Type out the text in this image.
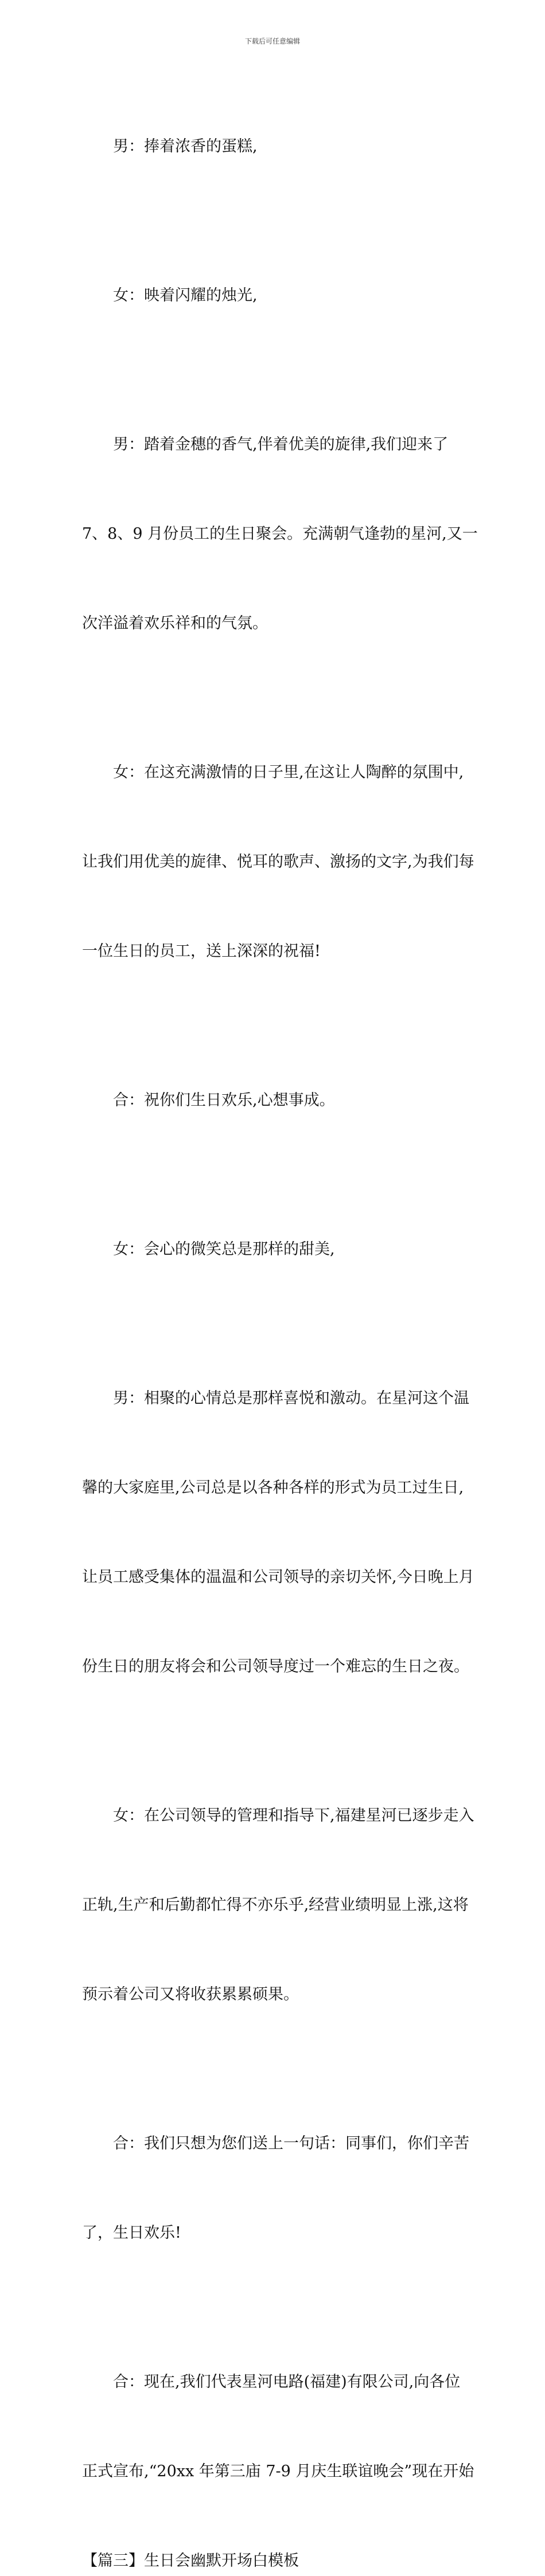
下载后可任意编辑

男：捧着浓香的蛋糕,

女：映着闪耀的烛光,

男：踏着金穗的香气,伴着优美的旋律,我们迎来了

7、8、9 月份员工的生日聚会。充满朝气逢勃的星河,又一

次洋溢着欢乐祥和的气氛。

女：在这充满激情的日子里,在这让人陶醉的氛围中,

让我们用优美的旋律、悦耳的歌声、激扬的文字,为我们每

一位生日的员工，送上深深的祝福!

合：祝你们生日欢乐,心想事成。

女：会心的微笑总是那样的甜美,

男：相聚的心情总是那样喜悦和激动。在星河这个温

馨的大家庭里,公司总是以各种各样的形式为员工过生日,

让员工感受集体的温温和公司领导的亲切关怀,今日晚上月

份生日的朋友将会和公司领导度过一个难忘的生日之夜。

女：在公司领导的管理和指导下,福建星河已逐步走入

正轨,生产和后勤都忙得不亦乐乎,经营业绩明显上涨,这将

预示着公司又将收获累累硕果。

合：我们只想为您们送上一句话：同事们，你们辛苦

了，生日欢乐!

合：现在,我们代表星河电路(福建)有限公司,向各位

正式宣布,“20xx 年第三庙 7-9 月庆生联谊晚会”现在开始

【篇三】生日会幽默开场白模板
